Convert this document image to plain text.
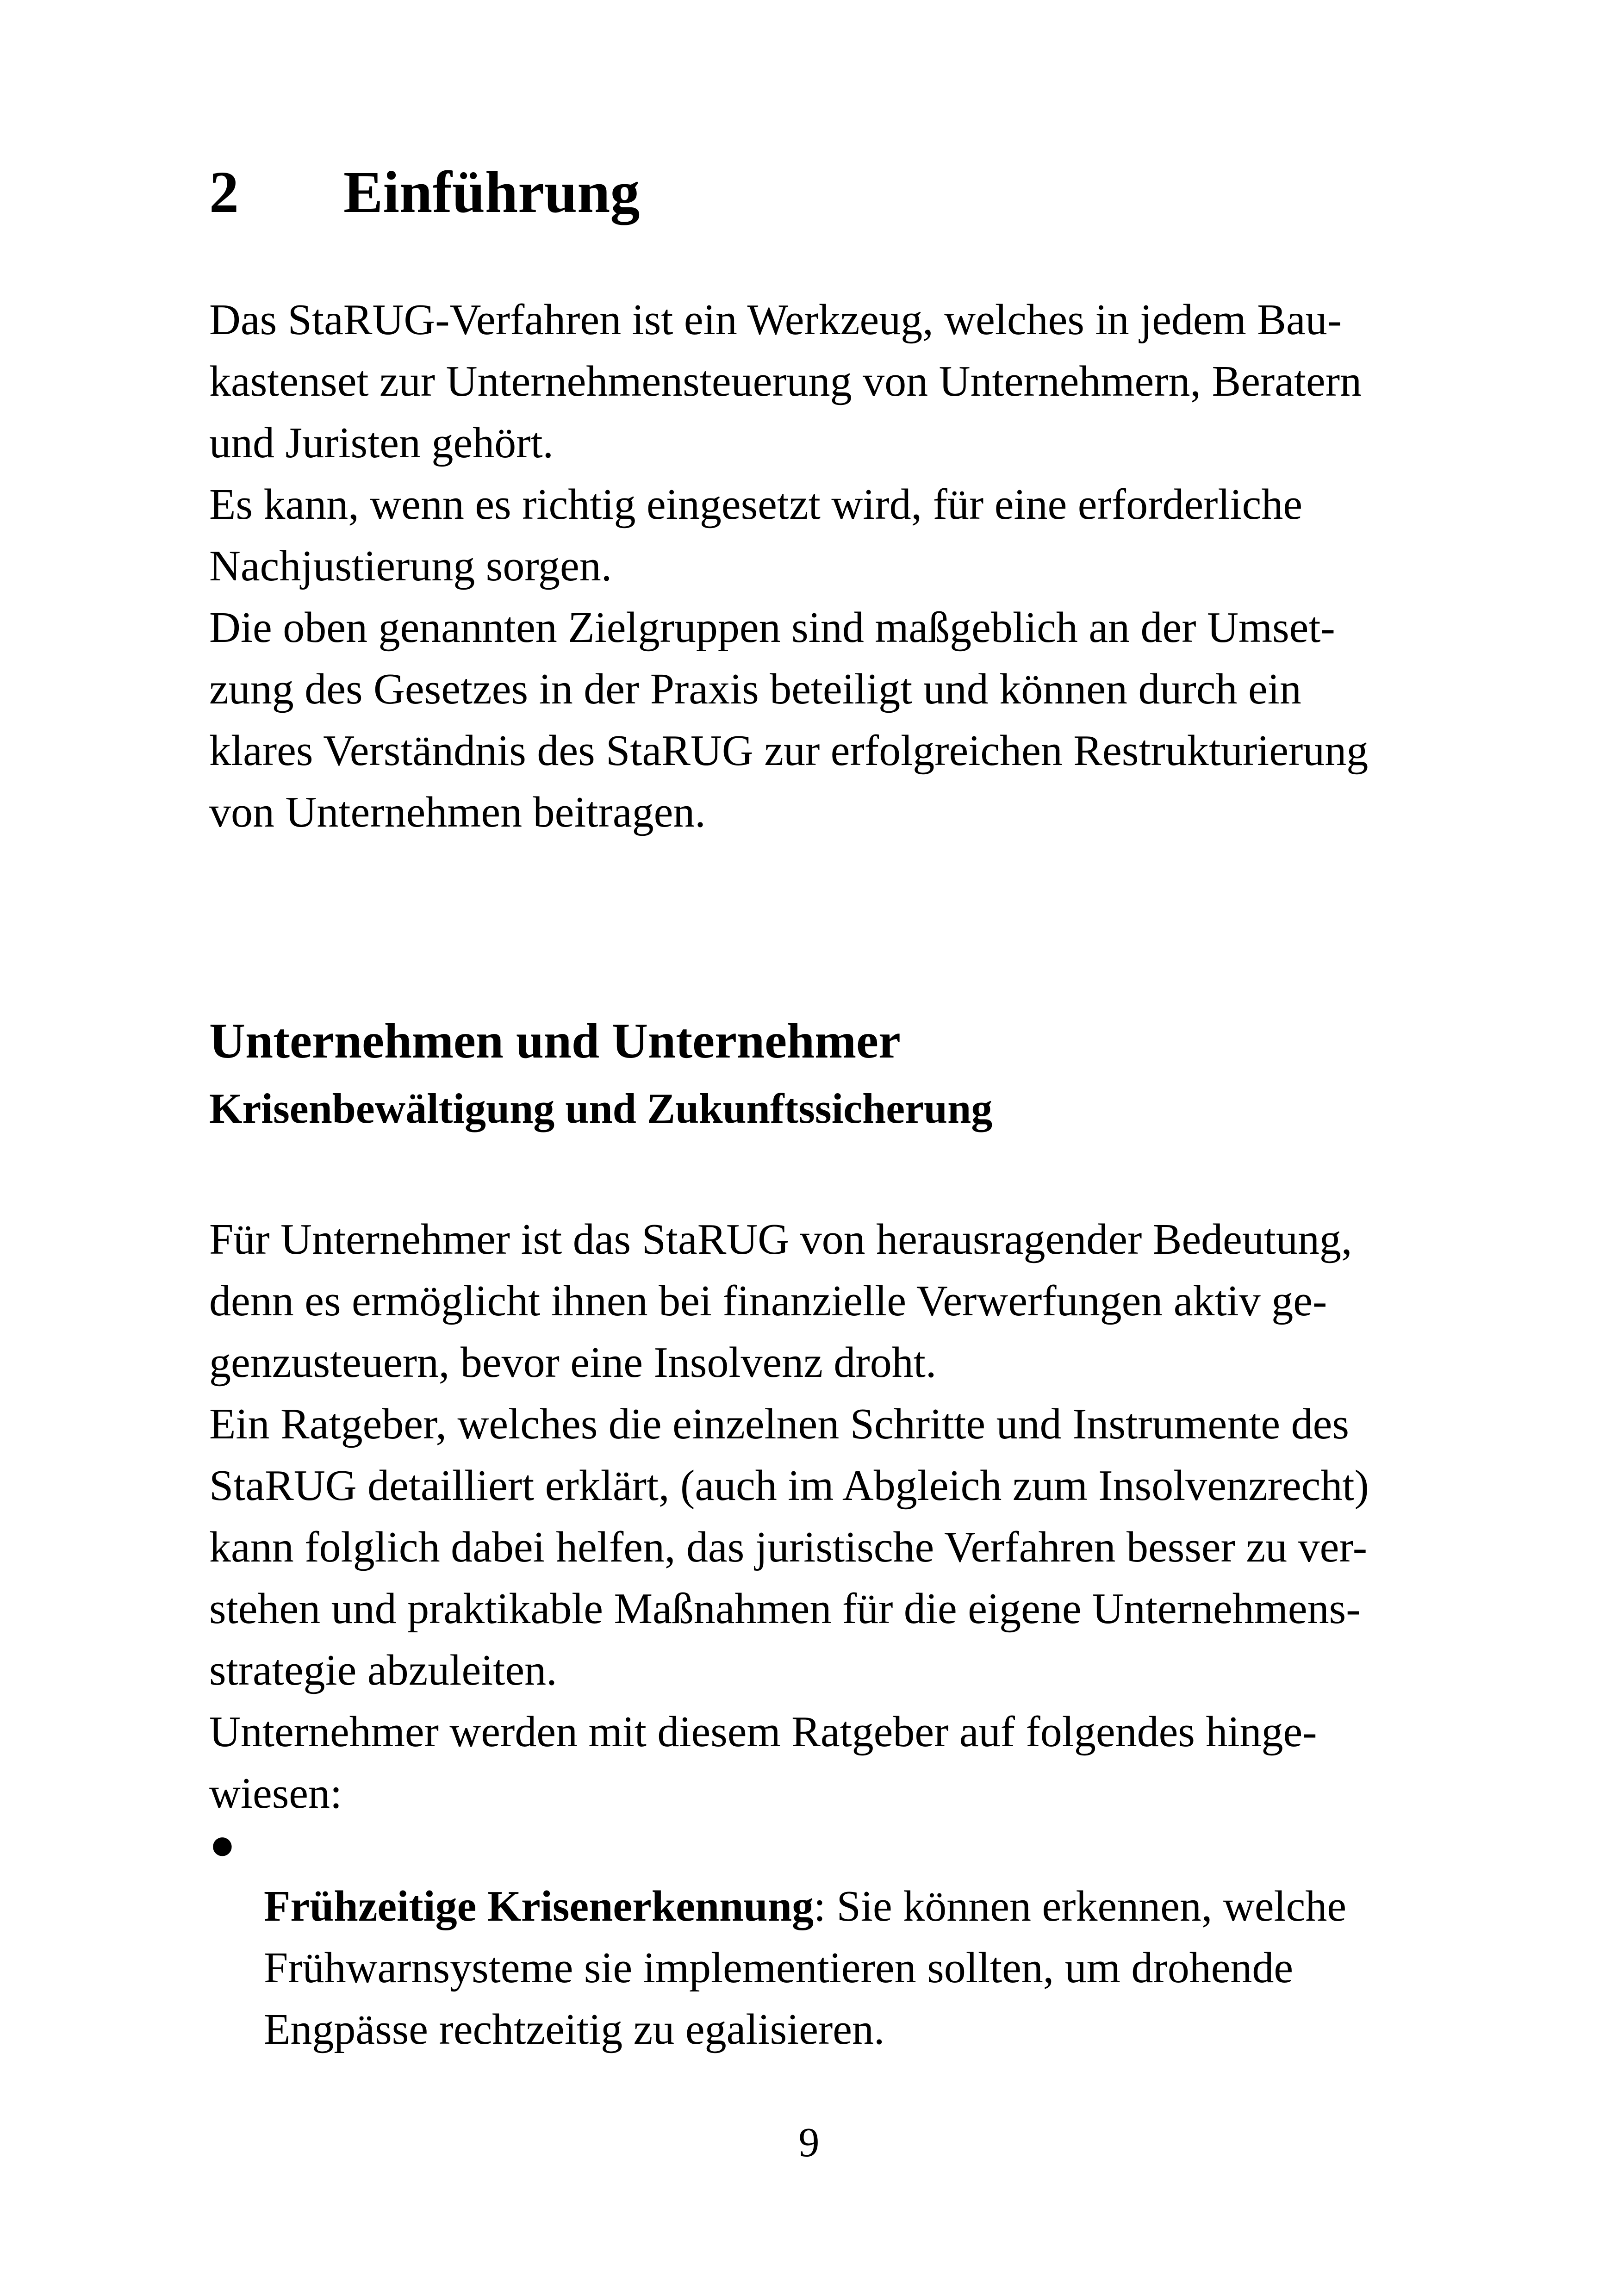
2 Einführung

Das StaRUG-Verfahren ist ein Werkzeug, welches in jedem Bau-
kastenset zur Unternehmensteuerung von Unternehmern, Beratern
und Juristen gehört.
Es kann, wenn es richtig eingesetzt wird, für eine erforderliche
Nachjustierung sorgen.
Die oben genannten Zielgruppen sind maßgeblich an der Umset-
zung des Gesetzes in der Praxis beteiligt und können durch ein
klares Verständnis des StaRUG zur erfolgreichen Restrukturierung
von Unternehmen beitragen.

Unternehmen und Unternehmer
Krisenbewältigung und Zukunftssicherung

Für Unternehmer ist das StaRUG von herausragender Bedeutung,
denn es ermöglicht ihnen bei finanzielle Verwerfungen aktiv ge-
genzusteuern, bevor eine Insolvenz droht.
Ein Ratgeber, welches die einzelnen Schritte und Instrumente des
StaRUG detailliert erklärt, (auch im Abgleich zum Insolvenzrecht)
kann folglich dabei helfen, das juristische Verfahren besser zu ver-
stehen und praktikable Maßnahmen für die eigene Unternehmens-
strategie abzuleiten.
Unternehmer werden mit diesem Ratgeber auf folgendes hinge-
wiesen:

●
Frühzeitige Krisenerkennung: Sie können erkennen, welche
Frühwarnsysteme sie implementieren sollten, um drohende
Engpässe rechtzeitig zu egalisieren.

9
